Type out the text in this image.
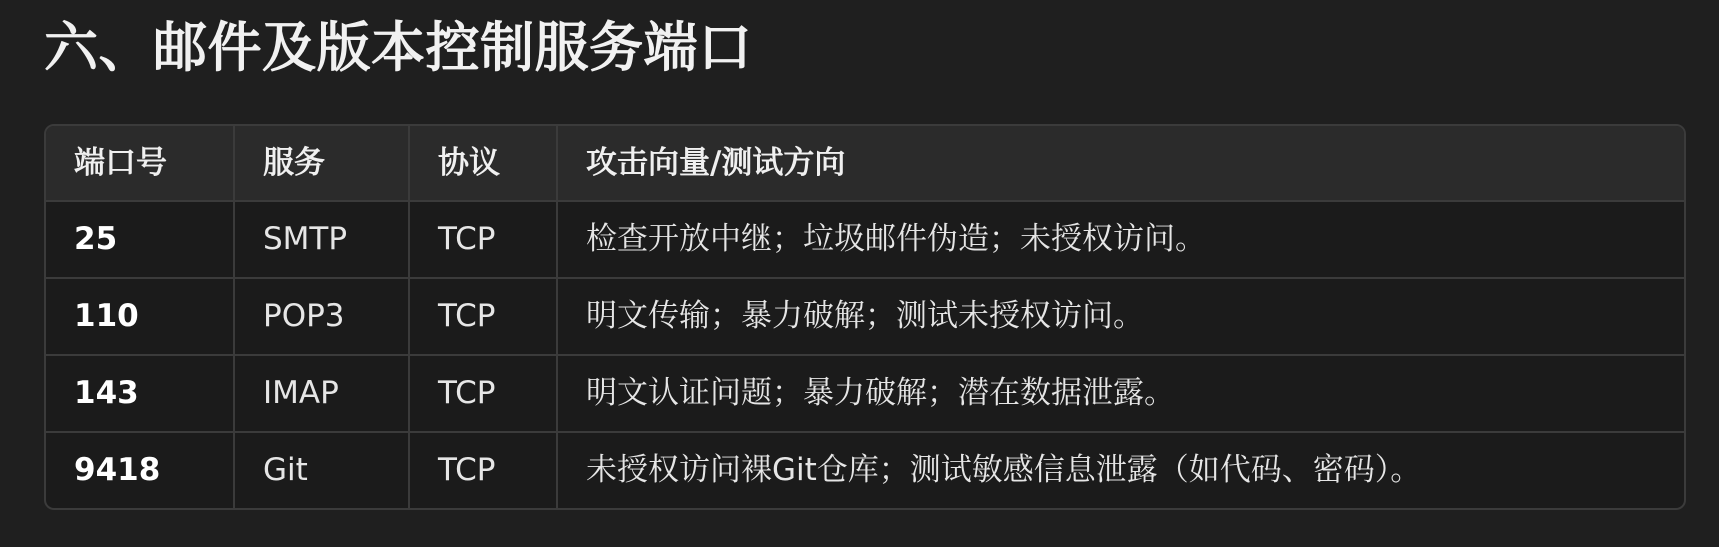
六、邮件及版本控制服务端口
端口号	服务	协议	攻击向量/测试方向
25	SMTP	TCP	检查开放中继；垃圾邮件伪造；未授权访问。
110	POP3	TCP	明文传输；暴力破解；测试未授权访问。
143	IMAP	TCP	明文认证问题；暴力破解；潜在数据泄露。
9418	Git	TCP	未授权访问裸Git仓库；测试敏感信息泄露（如代码、密码）。
